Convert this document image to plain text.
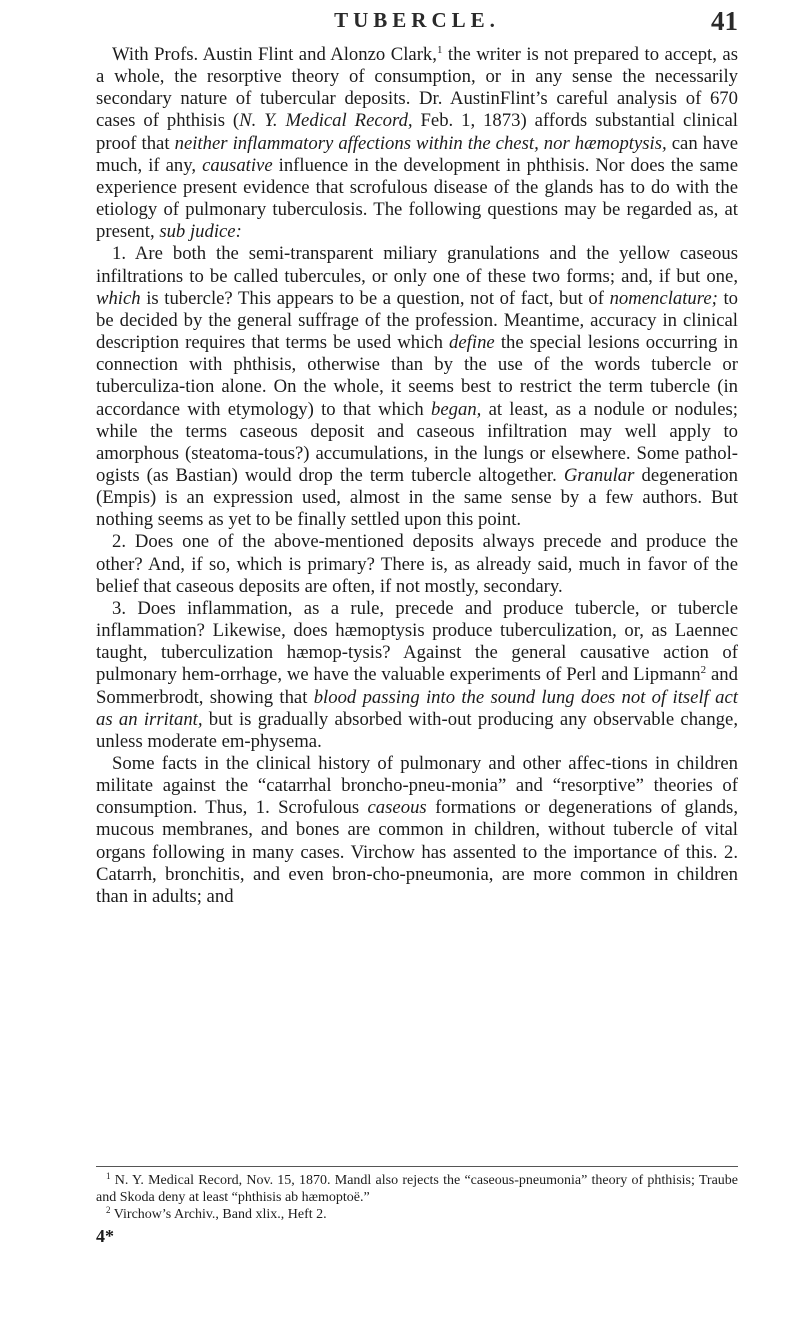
TUBERCLE.	41

With Profs. Austin Flint and Alonzo Clark,$^1$ the writer is not prepared to accept, as a whole, the resorptive theory of consumption, or in any sense the necessarily secondary nature of tubercular deposits. Dr. AustinFlint’s careful analysis of 670 cases of phthisis (N. Y. Medical Record, Feb. 1, 1873) affords substantial clinical proof that neither inflammatory affections within the chest, nor hæmoptysis, can have much, if any, causative influence in the development in phthisis. Nor does the same experience present evidence that scrofulous disease of the glands has to do with the etiology of pulmonary tuberculosis. The following questions may be regarded as, at present, sub judice:

1. Are both the semi-transparent miliary granulations and the yellow caseous infiltrations to be called tubercules, or only one of these two forms; and, if but one, which is tubercle? This appears to be a question, not of fact, but of nomenclature; to be decided by the general suffrage of the profession. Meantime, accuracy in clinical description requires that terms be used which define the special lesions occurring in connection with phthisis, otherwise than by the use of the words tubercle or tuberculiza-tion alone. On the whole, it seems best to restrict the term tubercle (in accordance with etymology) to that which began, at least, as a nodule or nodules; while the terms caseous deposit and caseous infiltration may well apply to amorphous (steatoma-tous?) accumulations, in the lungs or elsewhere. Some pathol-ogists (as Bastian) would drop the term tubercle altogether. Granular degeneration (Empis) is an expression used, almost in the same sense by a few authors. But nothing seems as yet to be finally settled upon this point.

2. Does one of the above-mentioned deposits always precede and produce the other? And, if so, which is primary? There is, as already said, much in favor of the belief that caseous deposits are often, if not mostly, secondary.

3. Does inflammation, as a rule, precede and produce tubercle, or tubercle inflammation? Likewise, does hæmoptysis produce tuberculization, or, as Laennec taught, tuberculization hæmop-tysis? Against the general causative action of pulmonary hem-orrhage, we have the valuable experiments of Perl and Lipmann$^2$ and Sommerbrodt, showing that blood passing into the sound lung does not of itself act as an irritant, but is gradually absorbed with-out producing any observable change, unless moderate em-physema.

Some facts in the clinical history of pulmonary and other affec-tions in children militate against the “catarrhal broncho-pneu-monia” and “resorptive” theories of consumption. Thus, 1. Scrofulous caseous formations or degenerations of glands, mucous membranes, and bones are common in children, without tubercle of vital organs following in many cases. Virchow has assented to the importance of this. 2. Catarrh, bronchitis, and even bron-cho-pneumonia, are more common in children than in adults; and

$^1$ N. Y. Medical Record, Nov. 15, 1870. Mandl also rejects the “caseous-pneumonia” theory of phthisis; Traube and Skoda deny at least “phthisis ab hæmoptoë.”

$^2$ Virchow’s Archiv., Band xlix., Heft 2.

4*
